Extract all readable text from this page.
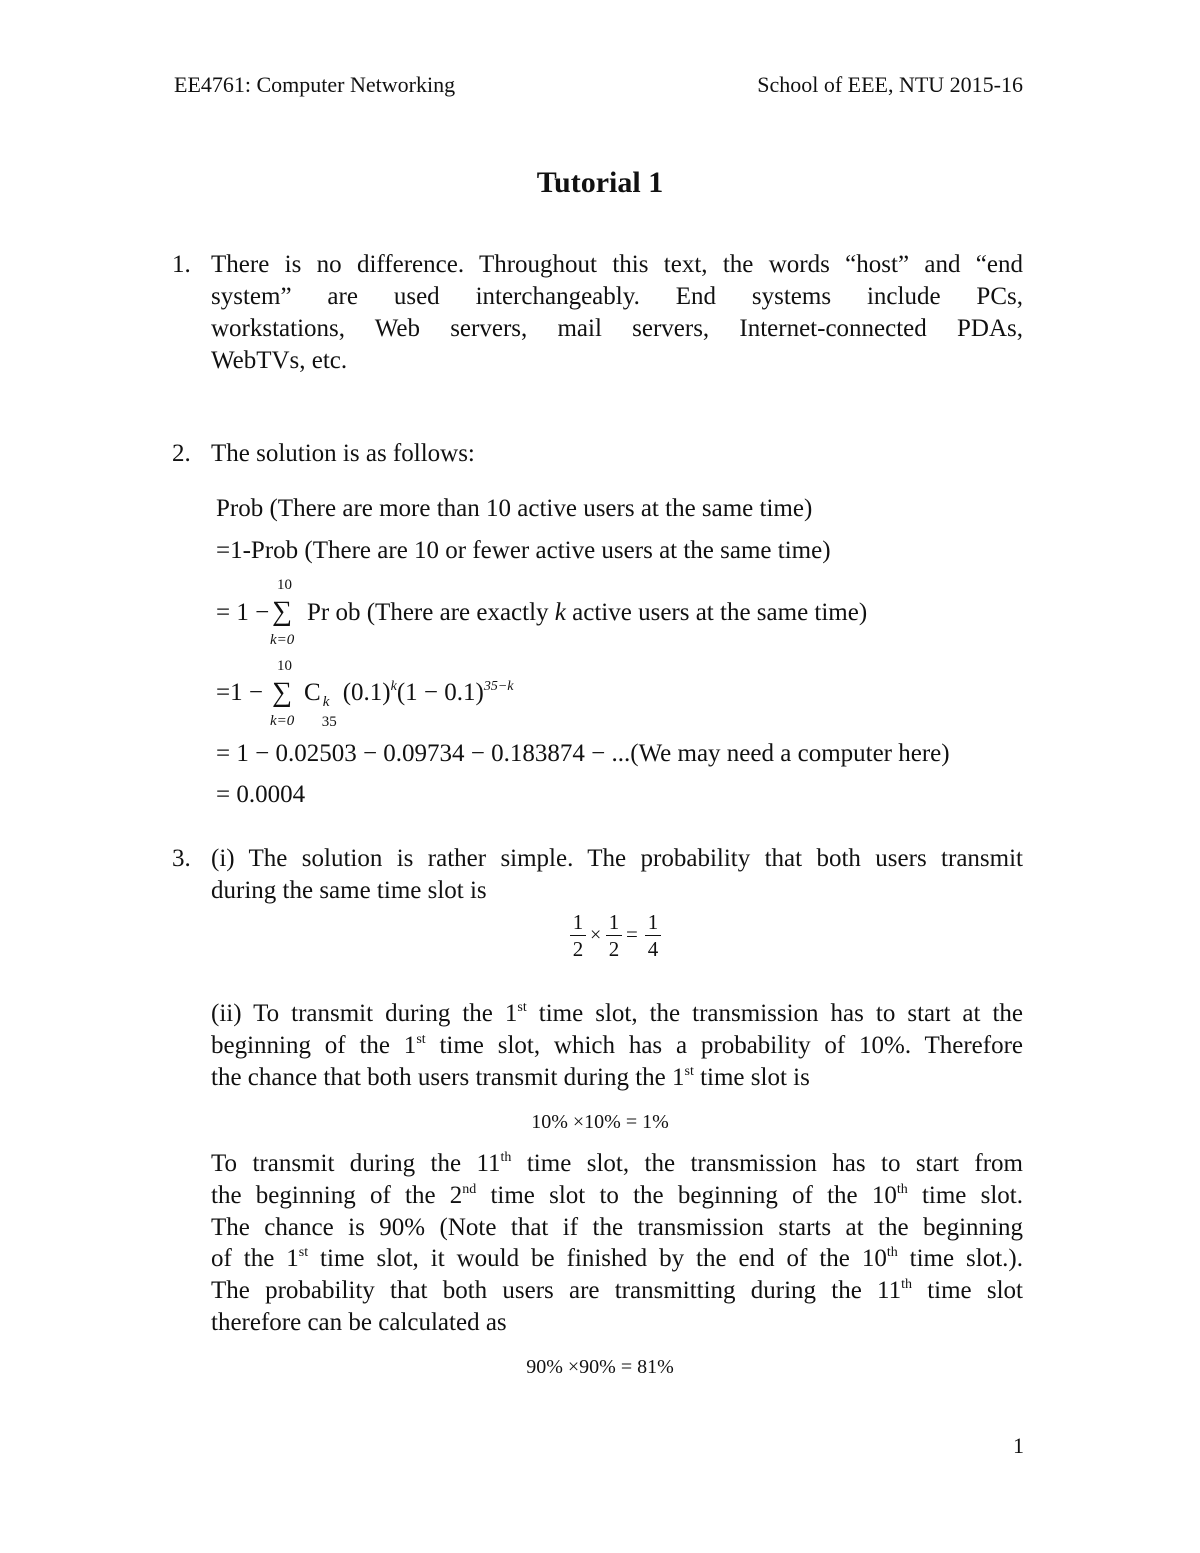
EE4761: Computer Networking	School of EEE, NTU 2015-16
Tutorial 1
1. There is no difference. Throughout this text, the words “host” and “end
system” are used interchangeably. End systems include PCs,
workstations, Web servers, mail servers, Internet-connected PDAs,
WebTVs, etc.
2. The solution is as follows:
Prob (There are more than 10 active users at the same time)
=1-Prob (There are 10 or fewer active users at the same time)
10
= 1 − ∑
k=0
Pr ob (There are exactly k active users at the same time)
10
=1 − ∑
k=0
C k
35
$(0.1)^k(1 - 0.1)^{35-k}$
= 1 − 0.02503 − 0.09734 − 0.183874 − ...(We may need a computer here)
= 0.0004
3. (i) The solution is rather simple. The probability that both users transmit
during the same time slot is
1
2
×
1
2
= 1
4
(ii) To transmit during the 1st time slot, the transmission has to start at the
beginning of the 1st time slot, which has a probability of 10%. Therefore
the chance that both users transmit during the 1st time slot is
10% ×10% = 1%
To transmit during the 11th time slot, the transmission has to start from
the beginning of the 2nd time slot to the beginning of the 10th time slot.
The chance is 90% (Note that if the transmission starts at the beginning
of the 1st time slot, it would be finished by the end of the 10th time slot.).
The probability that both users are transmitting during the 11th time slot
therefore can be calculated as
90% ×90% = 81%
1
